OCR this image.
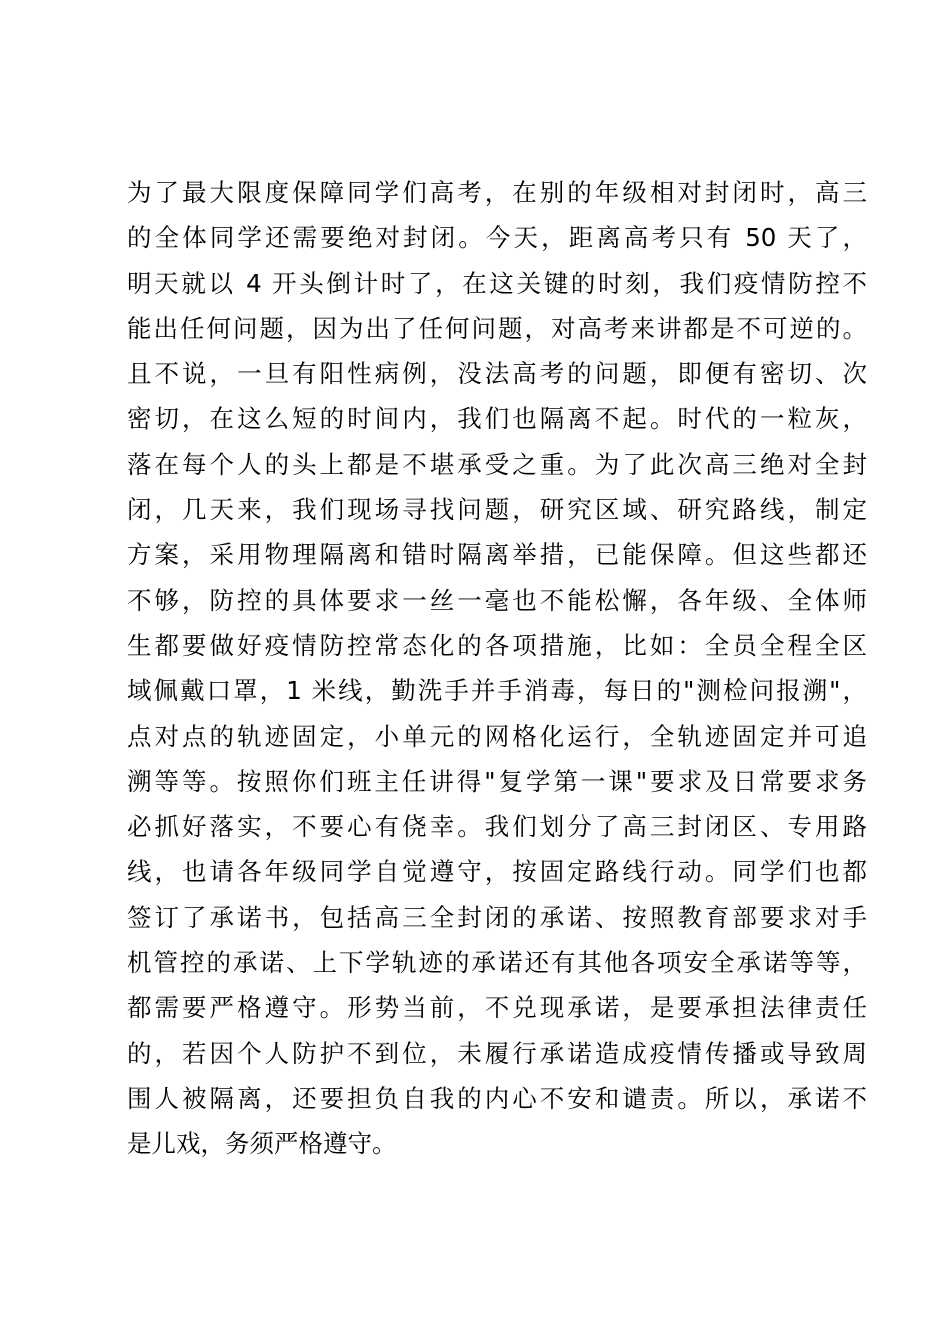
为了最大限度保障同学们高考，在别的年级相对封闭时，高三
的全体同学还需要绝对封闭。今天，距离高考只有 50 天了，
明天就以 4 开头倒计时了，在这关键的时刻，我们疫情防控不
能出任何问题，因为出了任何问题，对高考来讲都是不可逆的。
且不说，一旦有阳性病例，没法高考的问题，即便有密切、次
密切，在这么短的时间内，我们也隔离不起。时代的一粒灰，
落在每个人的头上都是不堪承受之重。为了此次高三绝对全封
闭，几天来，我们现场寻找问题，研究区域、研究路线，制定
方案，采用物理隔离和错时隔离举措，已能保障。但这些都还
不够，防控的具体要求一丝一毫也不能松懈，各年级、全体师
生都要做好疫情防控常态化的各项措施，比如：全员全程全区
域佩戴口罩，1 米线，勤洗手并手消毒，每日的"测检问报溯"，
点对点的轨迹固定，小单元的网格化运行，全轨迹固定并可追
溯等等。按照你们班主任讲得"复学第一课"要求及日常要求务
必抓好落实，不要心有侥幸。我们划分了高三封闭区、专用路
线，也请各年级同学自觉遵守，按固定路线行动。同学们也都
签订了承诺书，包括高三全封闭的承诺、按照教育部要求对手
机管控的承诺、上下学轨迹的承诺还有其他各项安全承诺等等，
都需要严格遵守。形势当前，不兑现承诺，是要承担法律责任
的，若因个人防护不到位，未履行承诺造成疫情传播或导致周
围人被隔离，还要担负自我的内心不安和谴责。所以，承诺不
是儿戏，务须严格遵守。
